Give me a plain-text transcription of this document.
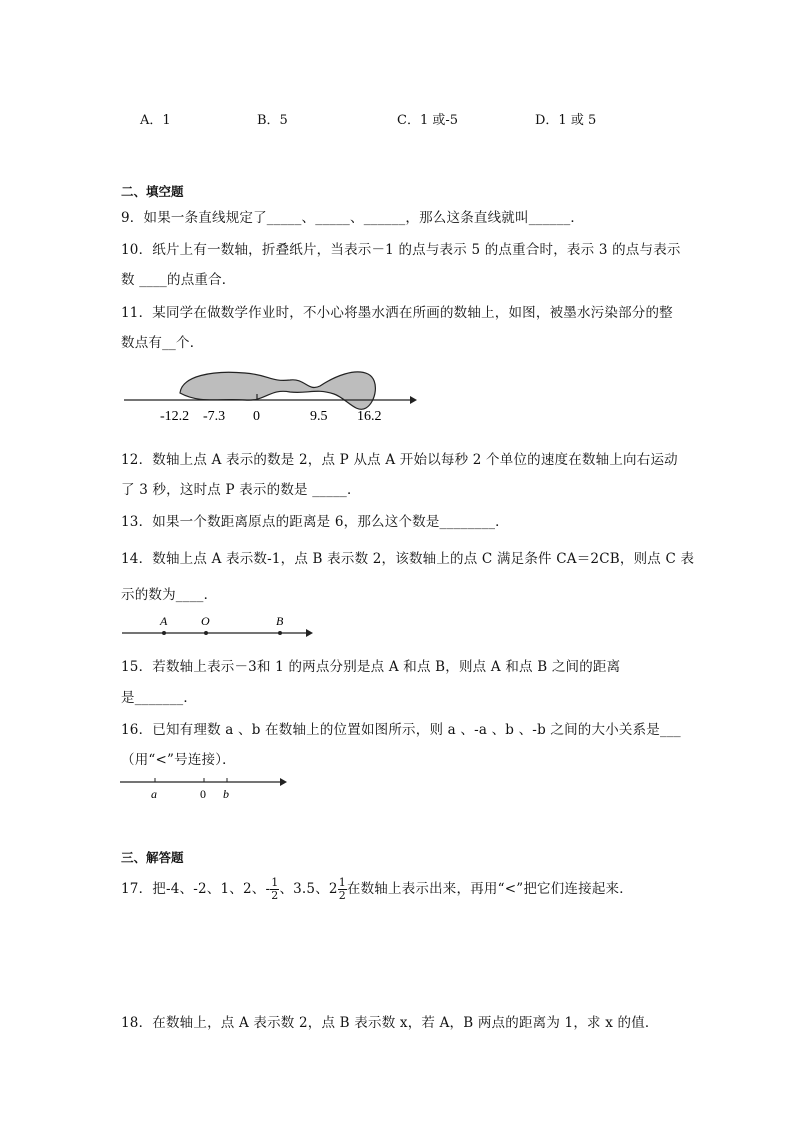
A．1	B．5	C．1 或-5	D．1 或 5
二、填空题
9．如果一条直线规定了_____、_____、______，那么这条直线就叫______．
10．纸片上有一数轴，折叠纸片，当表示－1 的点与表示 5 的点重合时，表示 3 的点与表示
数 ____的点重合．
11．某同学在做数学作业时，不小心将墨水洒在所画的数轴上，如图，被墨水污染部分的整
数点有__个．
-12.2 -7.3 0	9.5 16.2
12．数轴上点 A 表示的数是 2，点 P 从点 A 开始以每秒 2 个单位的速度在数轴上向右运动
了 3 秒，这时点 P 表示的数是 _____．
13．如果一个数距离原点的距离是 6，那么这个数是________．
14．数轴上点 A 表示数-1，点 B 表示数 2，该数轴上的点 C 满足条件 CA＝2CB，则点 C 表
示的数为____．
A	O	B
15．若数轴上表示－3和 1 的两点分别是点 A 和点 B，则点 A 和点 B 之间的距离
是_______．
16．已知有理数 a 、b 在数轴上的位置如图所示，则 a 、-a 、b 、-b 之间的大小关系是___
（用“<”号连接）．
a	0 b
三、解答题
17．把-4、-2、1、2、- $\frac{1}{2}$ 、3.5、$2 \frac{1}{2}$ 在数轴上表示出来，再用“<”把它们连接起来．
18．在数轴上，点 A 表示数 2，点 B 表示数 x，若 A，B 两点的距离为 1，求 x 的值．
